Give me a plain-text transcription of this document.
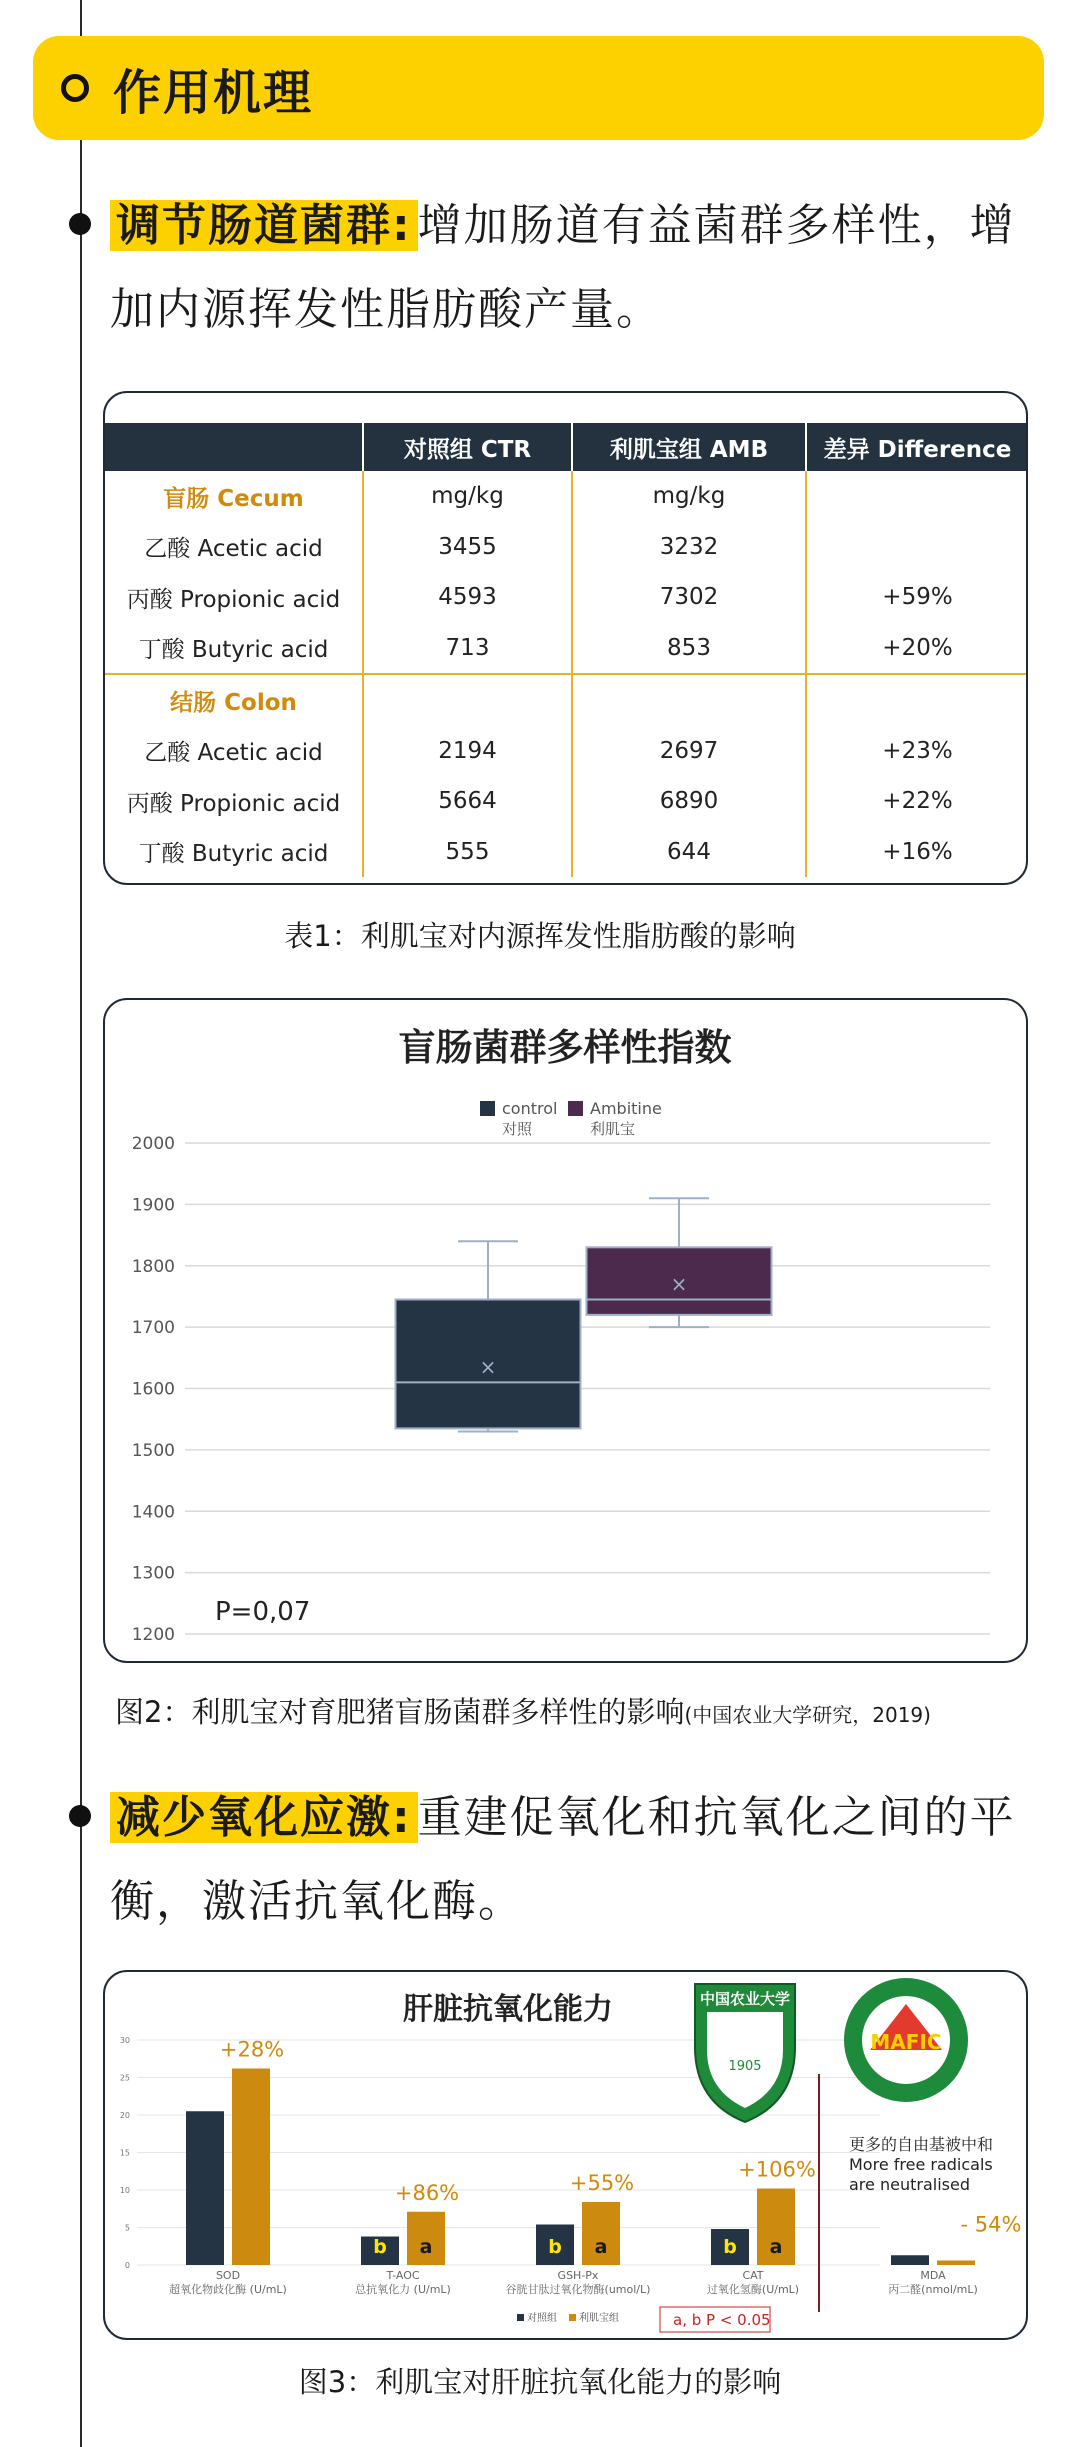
作用机理
调节肠道菌群: 增加肠道有益菌群多样性，增
加内源挥发性脂肪酸产量。
	对照组 CTR	利肌宝组 AMB	差异 Difference
盲肠 Cecum	mg/kg	mg/kg	
乙酸 Acetic acid	3455	3232	
丙酸 Propionic acid	4593	7302	+59%
丁酸 Butyric acid	713	853	+20%
结肠 Colon			
乙酸 Acetic acid	2194	2697	+23%
丙酸 Propionic acid	5664	6890	+22%
丁酸 Butyric acid	555	644	+16%
表1：利肌宝对内源挥发性脂肪酸的影响
盲肠菌群多样性指数
1200
1300
1400
1500
1600
1700
1800
1900
2000
control
对照
Ambitine
利肌宝
×
×
P=0,07
图2：利肌宝对育肥猪盲肠菌群多样性的影响(中国农业大学研究，2019)
减少氧化应激: 重建促氧化和抗氧化之间的平
衡，激活抗氧化酶。
肝脏抗氧化能力
0
5
10
15
20
25
30	+28%
SOD
超氧化物歧化酶 (U/mL)
b a
+86%
T-AOC
总抗氧化力 (U/mL)
b a
+55%
GSH-Px
谷胱甘肽过氧化物酶(umol/L)
b a
+106%
CAT
过氧化氢酶(U/mL)
- 54%
MDA
丙二醛(nmol/mL)
对照组 利肌宝组	a, b P < 0.05
中国农业大学
1905
MAFIC
更多的自由基被中和
More free radicals
are neutralised
图3：利肌宝对肝脏抗氧化能力的影响
